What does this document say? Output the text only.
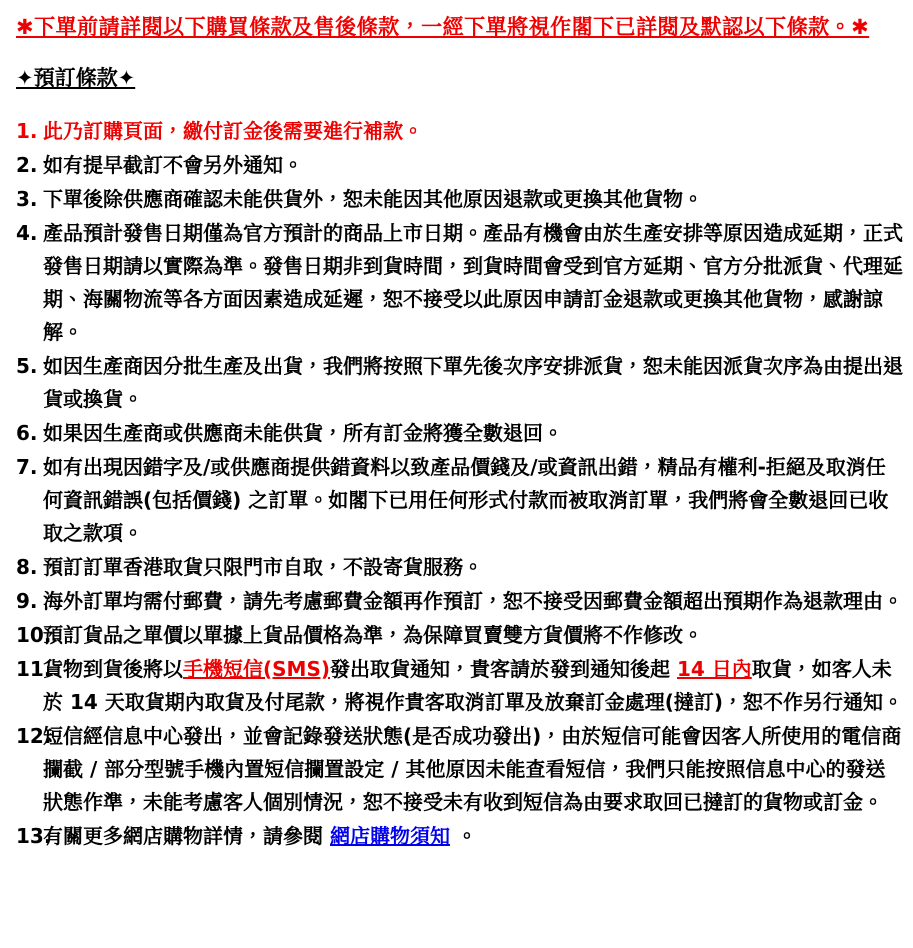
✱下單前請詳閱以下購買條款及售後條款，一經下單將視作閣下已詳閱及默認以下條款。✱
✦預訂條款✦
1. 此乃訂購頁面，繳付訂金後需要進行補款。
2. 如有提早截訂不會另外通知。
3. 下單後除供應商確認未能供貨外，恕未能因其他原因退款或更換其他貨物。
4. 產品預計發售日期僅為官方預計的商品上市日期。產品有機會由於生產安排等原因造成延期，正式發售日期請以實際為準。發售日期非到貨時間，到貨時間會受到官方延期、官方分批派貨、代理延期、海關物流等各方面因素造成延遲，恕不接受以此原因申請訂金退款或更換其他貨物，感謝諒解。
5. 如因生產商因分批生產及出貨，我們將按照下單先後次序安排派貨，恕未能因派貨次序為由提出退貨或換貨。
6. 如果因生產商或供應商未能供貨，所有訂金將獲全數退回。
7. 如有出現因錯字及/或供應商提供錯資料以致產品價錢及/或資訊出錯，精品有權利-拒絕及取消任何資訊錯誤(包括價錢) 之訂單。如閣下已用任何形式付款而被取消訂單，我們將會全數退回已收取之款項。
8. 預訂訂單香港取貨只限門市自取，不設寄貨服務。
9. 海外訂單均需付郵費，請先考慮郵費金額再作預訂，恕不接受因郵費金額超出預期作為退款理由。
10.
預訂貨品之單價以單據上貨品價格為準，為保障買賣雙方貨價將不作修改。
11.
貨物到貨後將以手機短信(SMS)發出取貨通知，貴客請於發到通知後起 14 日內取貨，如客人未於 14 天取貨期內取貨及付尾款，將視作貴客取消訂單及放棄訂金處理(撻訂)，恕不作另行通知。
12.
短信經信息中心發出，並會記錄發送狀態(是否成功發出)，由於短信可能會因客人所使用的電信商攔截 / 部分型號手機內置短信攔置設定 / 其他原因未能查看短信，我們只能按照信息中心的發送狀態作準，未能考慮客人個別情況，恕不接受未有收到短信為由要求取回已撻訂的貨物或訂金。
13.
有關更多網店購物詳情，請參閱 網店購物須知 。
